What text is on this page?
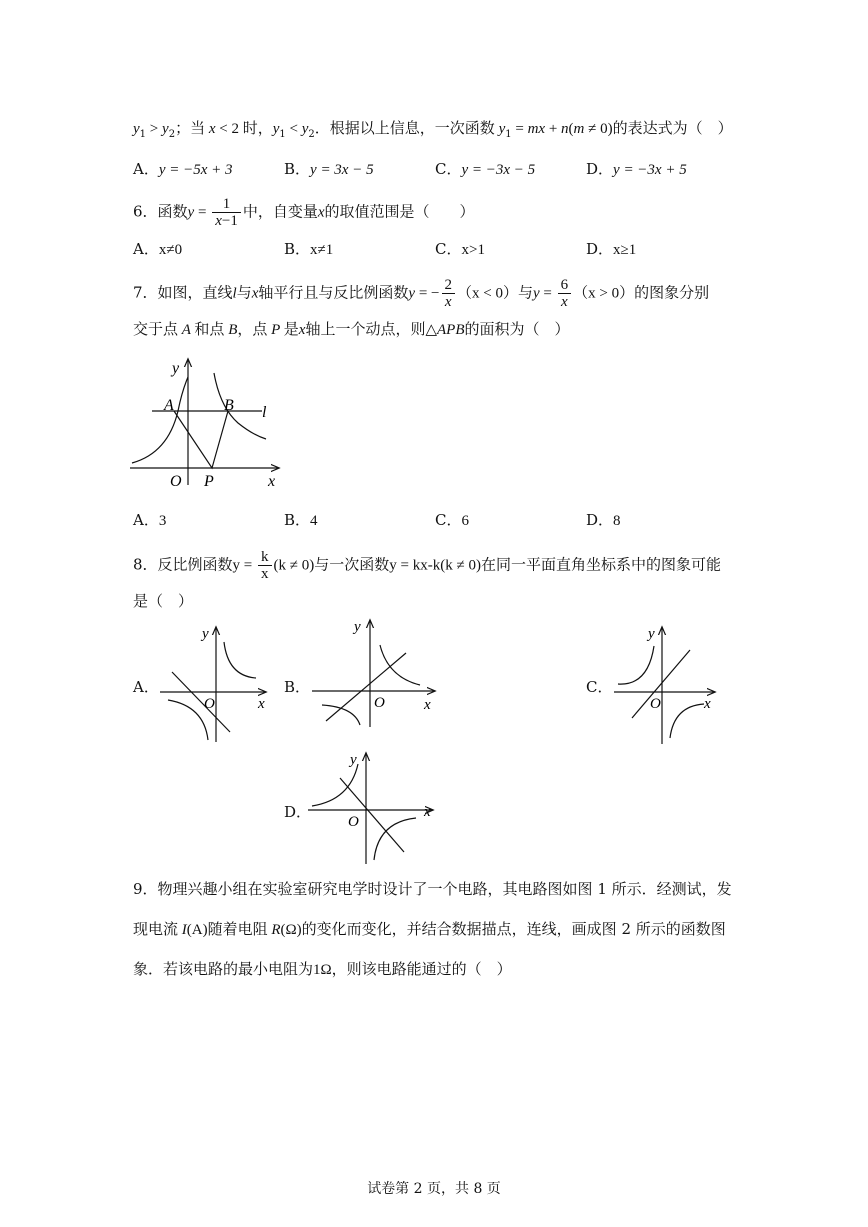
$y_1 > y_2$；当 x < 2 时，$y_1 < y_2$．根据以上信息，一次函数 $y_1$ = mx + n(m ≠ 0)的表达式为（　）
A．y = −5x + 3	B．y = 3x − 5	C．y = −3x − 5	D．y = −3x + 5
6．函数$y = \frac{1}{x-1}$ 中，自变量x的取值范围是（　　）
A．x≠0	B．x≠1	C．x>1	D．x≥1
7．如图，直线l与x轴平行且与反比例函数y = − $\frac{2}{x} (x < 0)$与$y = \frac{6}{x} (x > 0)$的图象分别
交于点 A 和点 B，点 P 是x轴上一个动点，则△APB的面积为（　）
y
A	B l
O P	x
A．3	B．4	C．6	D．8
8．反比例函数$y = \frac{k}{x} (k \ne 0)$与一次函数y = kx-k(k ≠ 0)在同一平面直角坐标系中的图象可能
是（　）
A．
y
O	x
B．
y
O	x
C．
y
O	x
D．
y
O
x
9．物理兴趣小组在实验室研究电学时设计了一个电路，其电路图如图 1 所示．经测试，发
现电流 I(A)随着电阻 R(Ω)的变化而变化，并结合数据描点，连线，画成图 2 所示的函数图
象．若该电路的最小电阻为1Ω，则该电路能通过的（　）
试卷第 2 页，共 8 页
